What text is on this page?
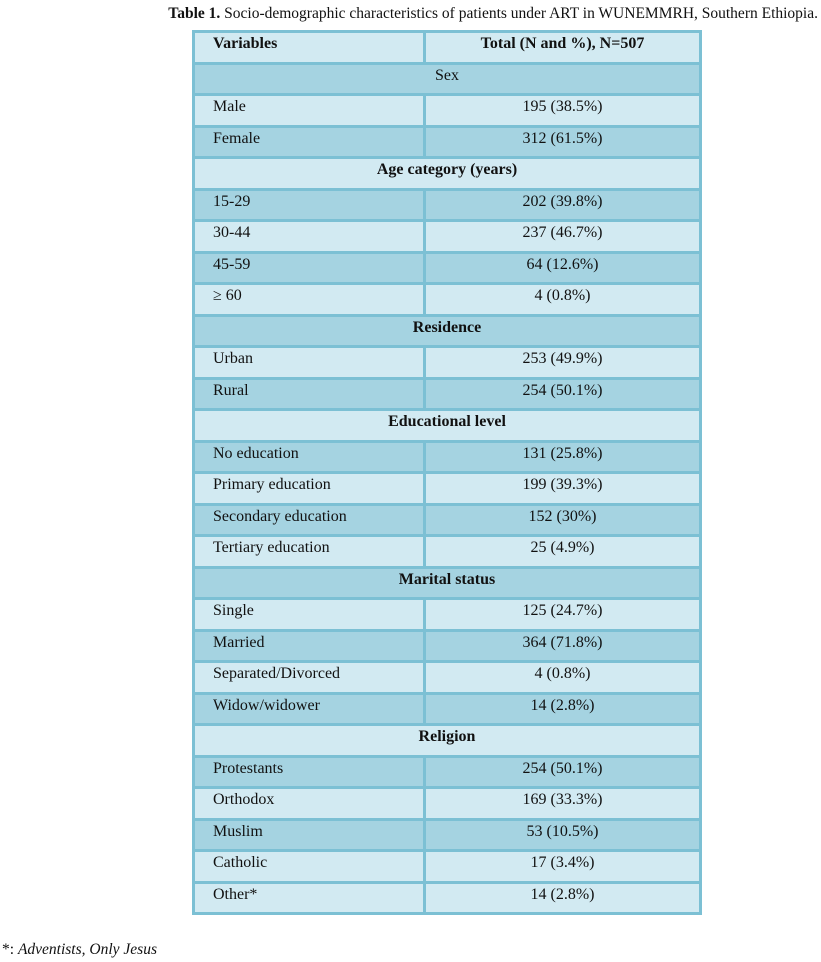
Table 1. Socio-demographic characteristics of patients under ART in WUNEMMRH, Southern Ethiopia.
Variables	Total (N and %), N=507
Sex	
Male	195 (38.5%)
Female	312 (61.5%)
Age category (years)	
15-29	202 (39.8%)
30-44	237 (46.7%)
45-59	64 (12.6%)
≥ 60	4 (0.8%)
Residence	
Urban	253 (49.9%)
Rural	254 (50.1%)
Educational level	
No education	131 (25.8%)
Primary education	199 (39.3%)
Secondary education	152 (30%)
Tertiary education	25 (4.9%)
Marital status	
Single	125 (24.7%)
Married	364 (71.8%)
Separated/Divorced	4 (0.8%)
Widow/widower	14 (2.8%)
Religion	
Protestants	254 (50.1%)
Orthodox	169 (33.3%)
Muslim	53 (10.5%)
Catholic	17 (3.4%)
Other*	14 (2.8%)
*: Adventists, Only Jesus
